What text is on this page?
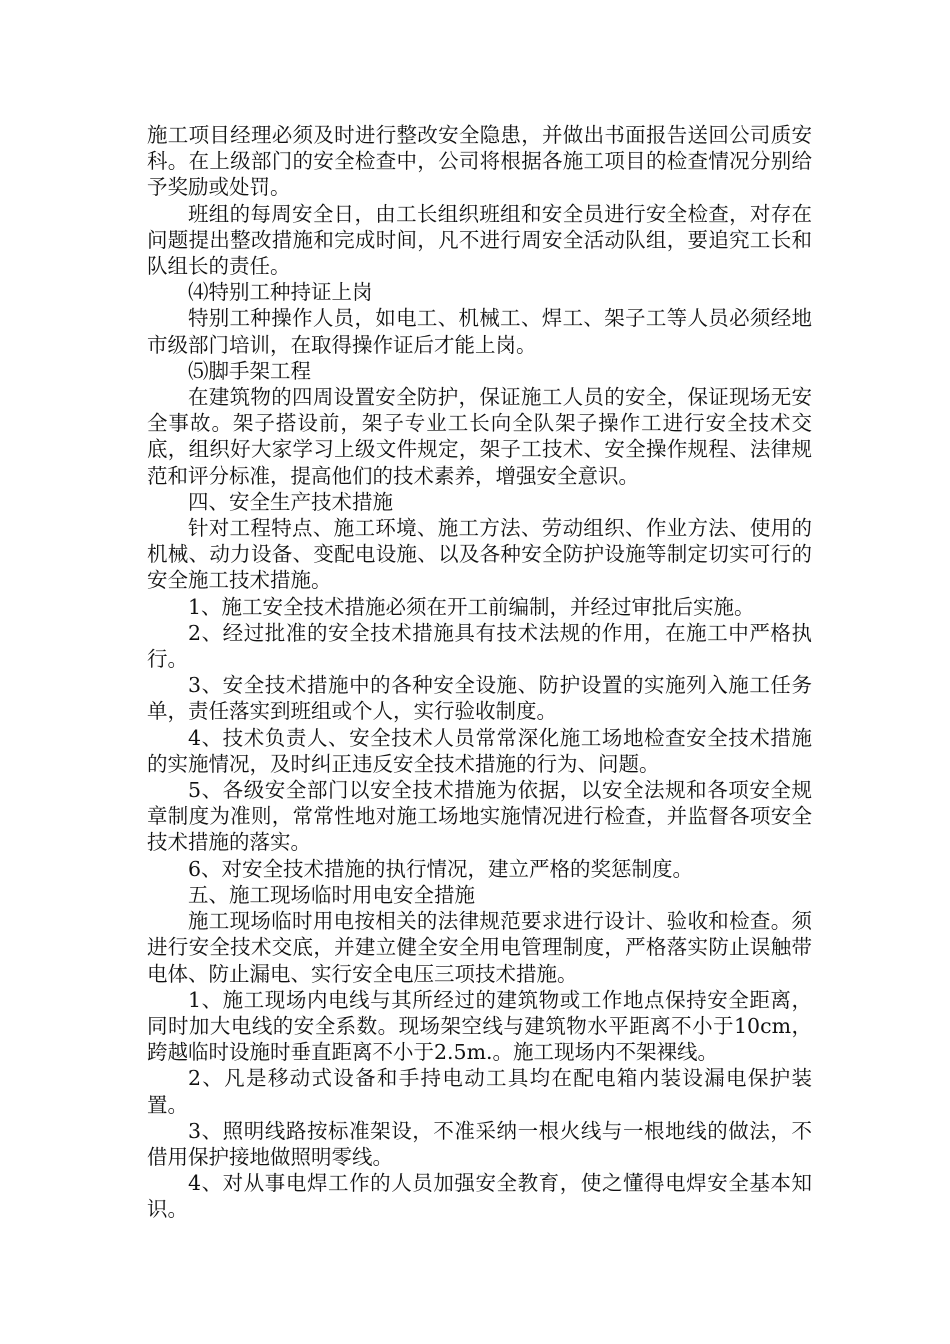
施工项目经理必须及时进行整改安全隐患，并做出书面报告送回公司质安科。在上级部门的安全检查中，公司将根据各施工项目的检查情况分别给予奖励或处罚。

班组的每周安全日，由工长组织班组和安全员进行安全检查，对存在问题提出整改措施和完成时间，凡不进行周安全活动队组，要追究工长和队组长的责任。

⑷特别工种持证上岗

特别工种操作人员，如电工、机械工、焊工、架子工等人员必须经地市级部门培训，在取得操作证后才能上岗。

⑸脚手架工程

在建筑物的四周设置安全防护，保证施工人员的安全，保证现场无安全事故。架子搭设前，架子专业工长向全队架子操作工进行安全技术交底，组织好大家学习上级文件规定，架子工技术、安全操作规程、法律规范和评分标准，提高他们的技术素养，增强安全意识。

四、安全生产技术措施

针对工程特点、施工环境、施工方法、劳动组织、作业方法、使用的机械、动力设备、变配电设施、以及各种安全防护设施等制定切实可行的安全施工技术措施。

1、施工安全技术措施必须在开工前编制，并经过审批后实施。

2、经过批准的安全技术措施具有技术法规的作用，在施工中严格执行。

3、安全技术措施中的各种安全设施、防护设置的实施列入施工任务单，责任落实到班组或个人，实行验收制度。

4、技术负责人、安全技术人员常常深化施工场地检查安全技术措施的实施情况，及时纠正违反安全技术措施的行为、问题。

5、各级安全部门以安全技术措施为依据，以安全法规和各项安全规章制度为准则，常常性地对施工场地实施情况进行检查，并监督各项安全技术措施的落实。

6、对安全技术措施的执行情况，建立严格的奖惩制度。

五、施工现场临时用电安全措施

施工现场临时用电按相关的法律规范要求进行设计、验收和检查。须进行安全技术交底，并建立健全安全用电管理制度，严格落实防止误触带电体、防止漏电、实行安全电压三项技术措施。

1、施工现场内电线与其所经过的建筑物或工作地点保持安全距离，同时加大电线的安全系数。现场架空线与建筑物水平距离不小于10cm，跨越临时设施时垂直距离不小于2.5m.。施工现场内不架裸线。

2、凡是移动式设备和手持电动工具均在配电箱内装设漏电保护装置。

3、照明线路按标准架设，不准采纳一根火线与一根地线的做法，不借用保护接地做照明零线。

4、对从事电焊工作的人员加强安全教育，使之懂得电焊安全基本知识。
